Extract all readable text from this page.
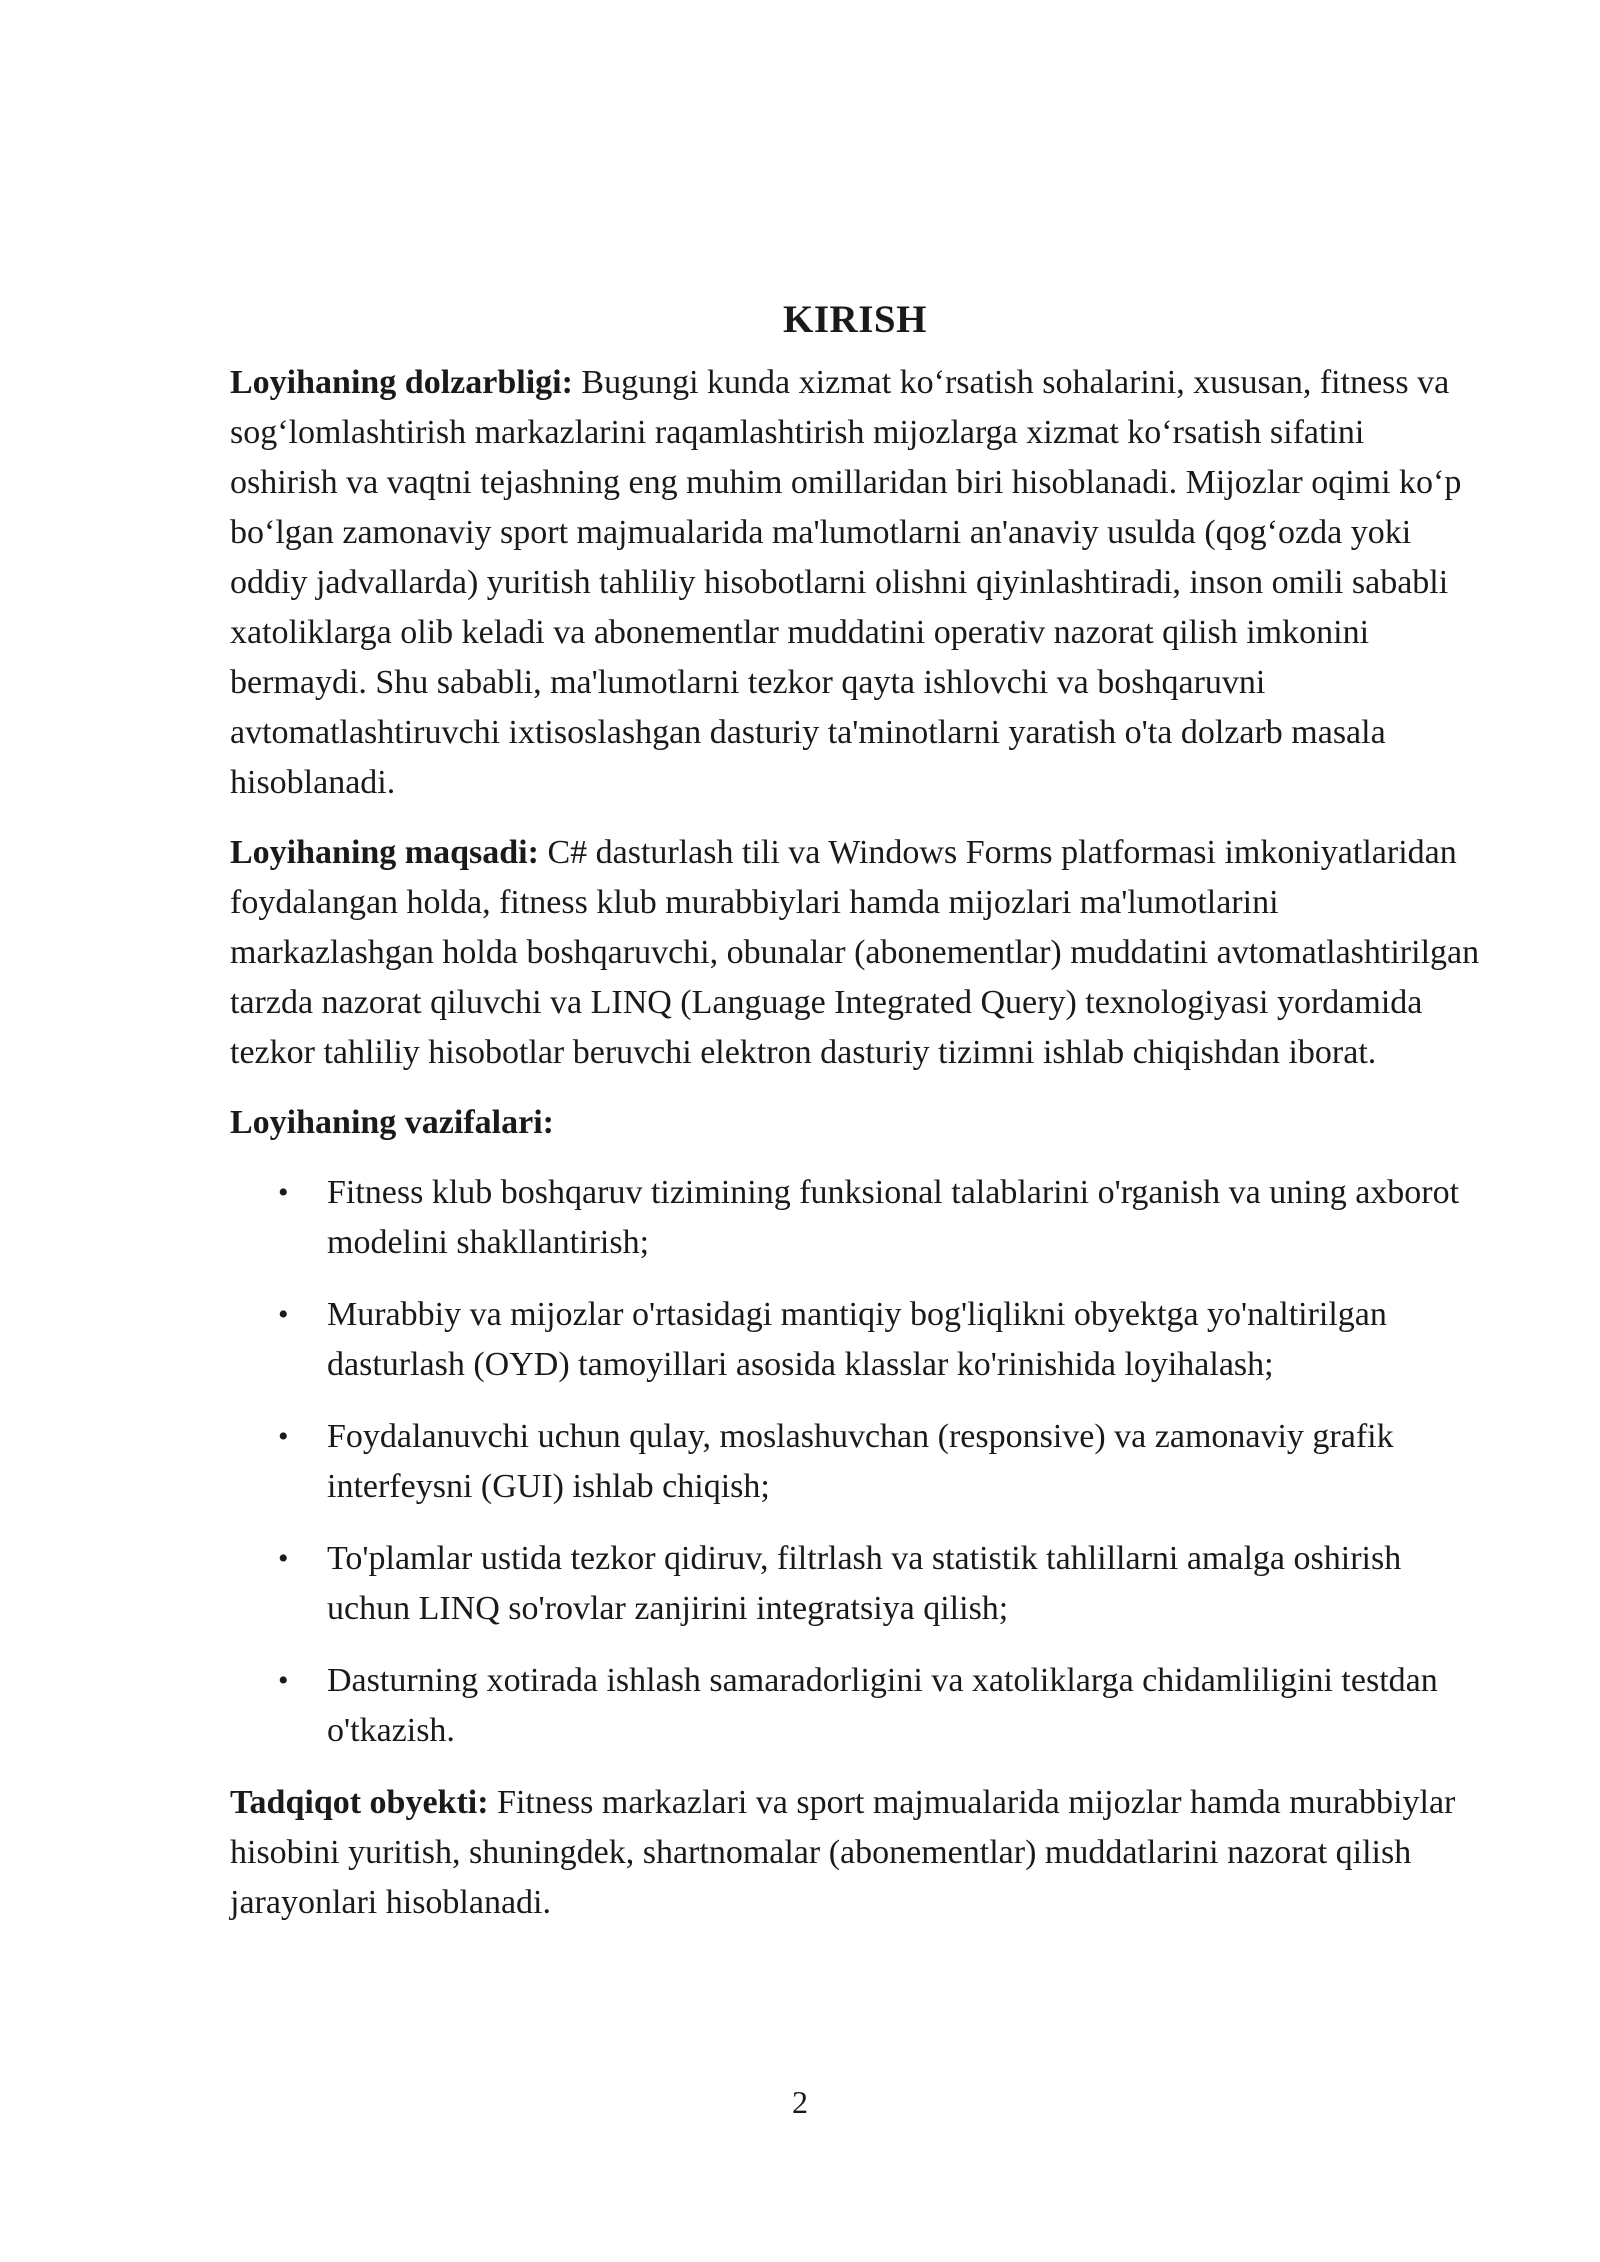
KIRISH

Loyihaning dolzarbligi: Bugungi kunda xizmat ko‘rsatish sohalarini, xususan, fitness va sog‘lomlashtirish markazlarini raqamlashtirish mijozlarga xizmat ko‘rsatish sifatini oshirish va vaqtni tejashning eng muhim omillaridan biri hisoblanadi. Mijozlar oqimi ko‘p bo‘lgan zamonaviy sport majmualarida ma'lumotlarni an'anaviy usulda (qog‘ozda yoki oddiy jadvallarda) yuritish tahliliy hisobotlarni olishni qiyinlashtiradi, inson omili sababli xatoliklarga olib keladi va abonementlar muddatini operativ nazorat qilish imkonini bermaydi. Shu sababli, ma'lumotlarni tezkor qayta ishlovchi va boshqaruvni avtomatlashtiruvchi ixtisoslashgan dasturiy ta'minotlarni yaratish o'ta dolzarb masala hisoblanadi.

Loyihaning maqsadi: C# dasturlash tili va Windows Forms platformasi imkoniyatlaridan foydalangan holda, fitness klub murabbiylari hamda mijozlari ma'lumotlarini markazlashgan holda boshqaruvchi, obunalar (abonementlar) muddatini avtomatlashtirilgan tarzda nazorat qiluvchi va LINQ (Language Integrated Query) texnologiyasi yordamida tezkor tahliliy hisobotlar beruvchi elektron dasturiy tizimni ishlab chiqishdan iborat.

Loyihaning vazifalari:

• Fitness klub boshqaruv tizimining funksional talablarini o'rganish va uning axborot modelini shakllantirish;
• Murabbiy va mijozlar o'rtasidagi mantiqiy bog'liqlikni obyektga yo'naltirilgan dasturlash (OYD) tamoyillari asosida klasslar ko'rinishida loyihalash;
• Foydalanuvchi uchun qulay, moslashuvchan (responsive) va zamonaviy grafik interfeysni (GUI) ishlab chiqish;
• To'plamlar ustida tezkor qidiruv, filtrlash va statistik tahlillarni amalga oshirish uchun LINQ so'rovlar zanjirini integratsiya qilish;
• Dasturning xotirada ishlash samaradorligini va xatoliklarga chidamliligini testdan o'tkazish.

Tadqiqot obyekti: Fitness markazlari va sport majmualarida mijozlar hamda murabbiylar hisobini yuritish, shuningdek, shartnomalar (abonementlar) muddatlarini nazorat qilish jarayonlari hisoblanadi.

2
